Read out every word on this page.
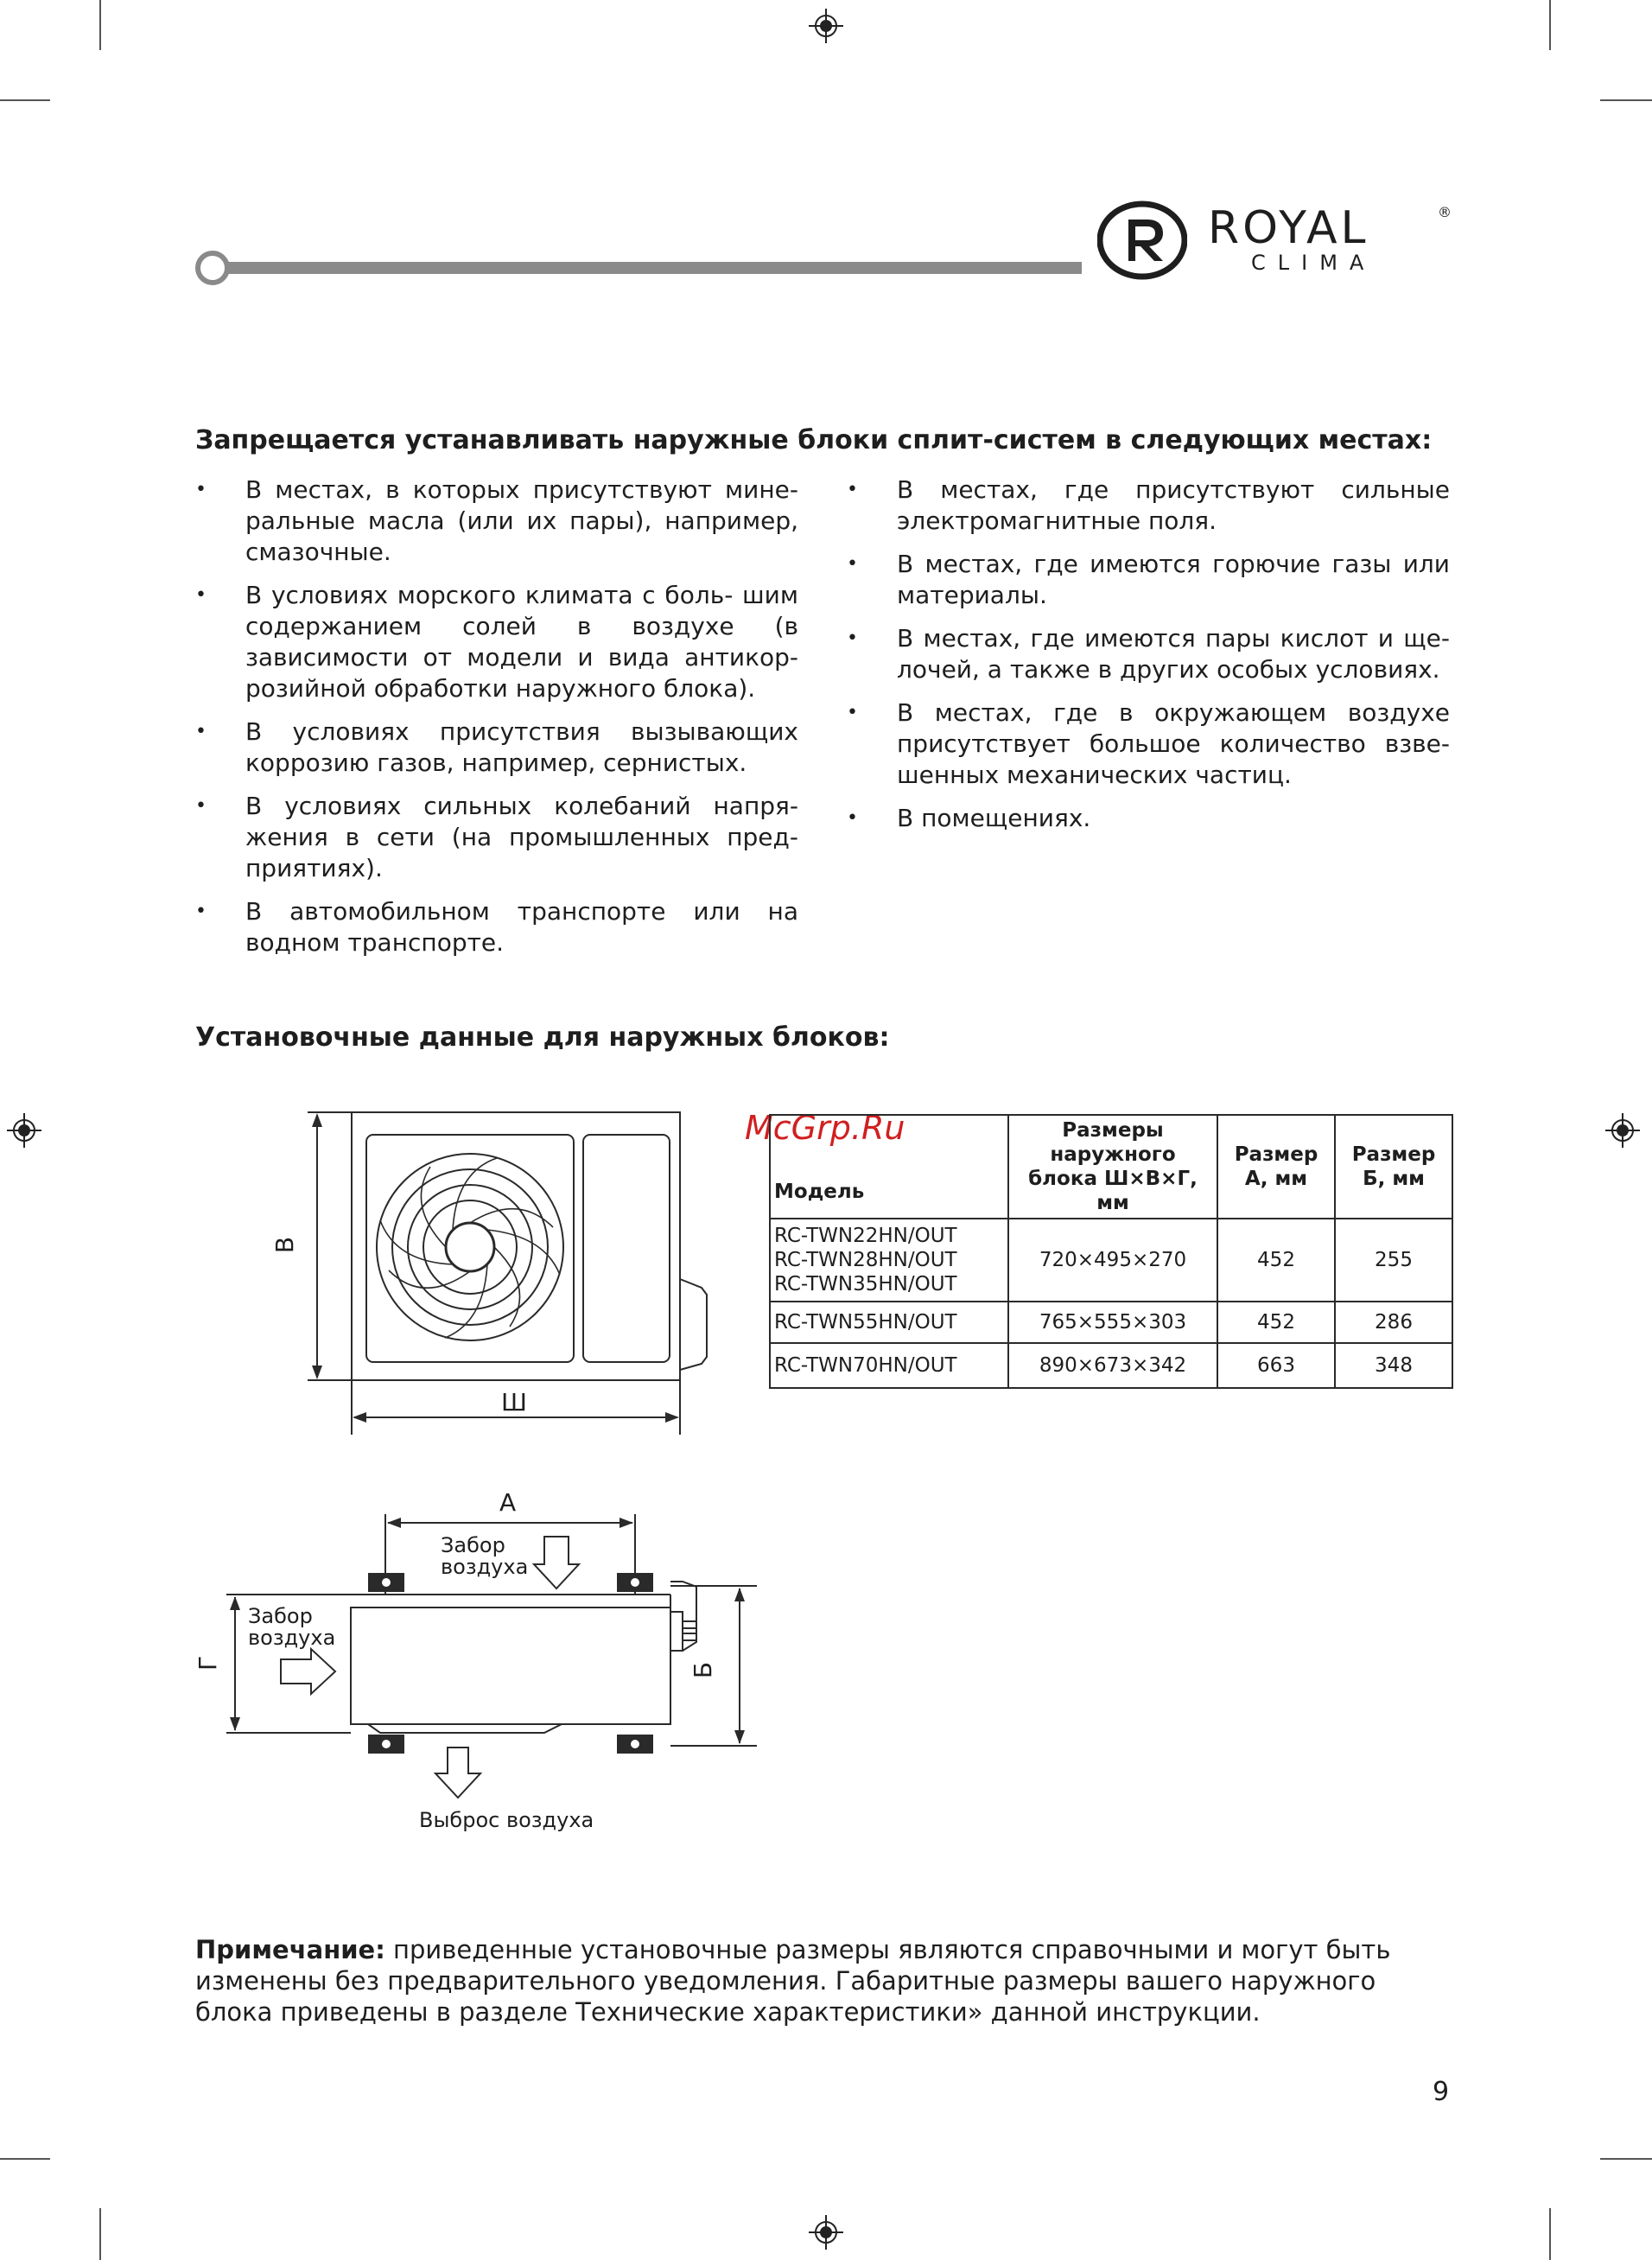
ROYAL	®
CLIMA
Запрещается устанавливать наружные блоки сплит-систем в следующих местах:
• В местах, в которых присутствуют мине- ральные масла (или их пары), например, смазочные.
• В условиях морского климата с боль- шим содержанием солей в воздухе (в зависимости от модели и вида антикор- розийной обработки наружного блока).
• В условиях присутствия вызывающих коррозию газов, например, сернистых.
• В условиях сильных колебаний напря- жения в сети (на промышленных пред- приятиях).
• В автомобильном транспорте или на водном транспорте.
• В местах, где присутствуют сильные электромагнитные поля.
• В местах, где имеются горючие газы или материалы.
• В местах, где имеются пары кислот и ще- лочей, а также в других особых условиях.
• В местах, где в окружающем воздухе присутствует большое количество взве- шенных механических частиц.
• В помещениях.
Установочные данные для наружных блоков:
В
Ш
McGrp.Ru
Модель	Размеры наружного блока Ш×В×Г, мм	Размер А, мм	Размер Б, мм

RC-TWN22HN/OUT
RC-TWN28HN/OUT
RC-TWN35HN/OUT	720×495×270	452	255
RC-TWN55HN/OUT	765×555×303	452	286
RC-TWN70HN/OUT	890×673×342	663	348
А
Г	Б
Забор
воздуха
Забор
воздуха
Выброс воздуха
Примечание: приведенные установочные размеры являются справочными и могут быть изменены без предварительного уведомления. Габаритные размеры вашего наружного блока приведены в разделе Технические характеристики» данной инструкции.
9
